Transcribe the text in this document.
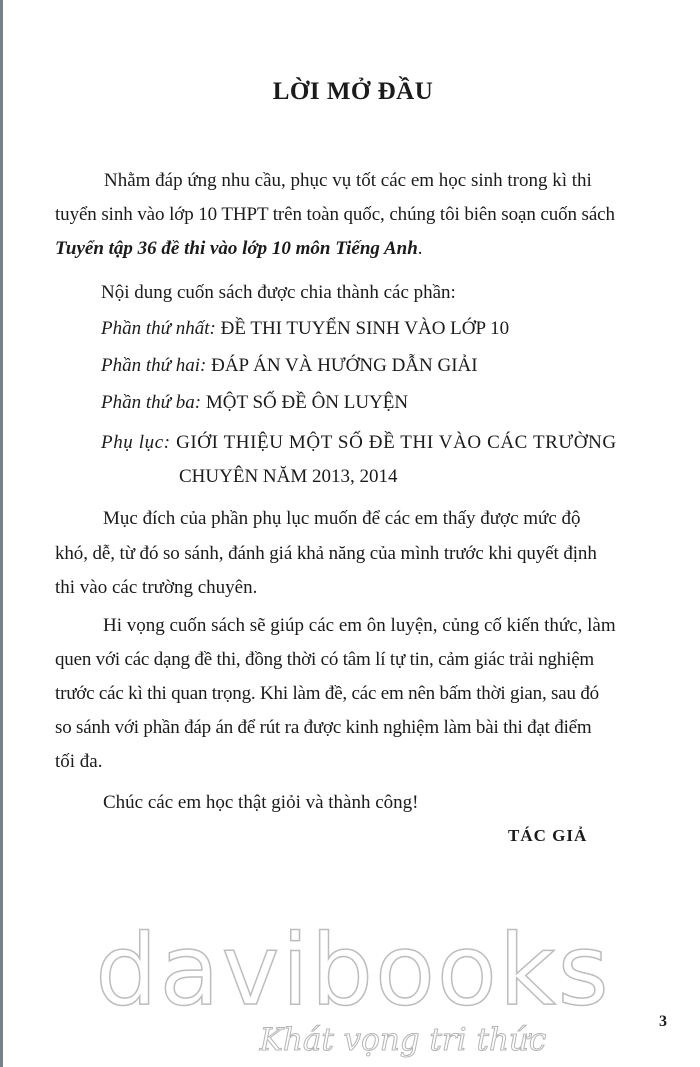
LỜI MỞ ĐẦU
Nhằm đáp ứng nhu cầu, phục vụ tốt các em học sinh trong kì thi
tuyển sinh vào lớp 10 THPT trên toàn quốc, chúng tôi biên soạn cuốn sách
Tuyển tập 36 đề thi vào lớp 10 môn Tiếng Anh.
Nội dung cuốn sách được chia thành các phần:
Phần thứ nhất: ĐỀ THI TUYỂN SINH VÀO LỚP 10
Phần thứ hai: ĐÁP ÁN VÀ HƯỚNG DẪN GIẢI
Phần thứ ba: MỘT SỐ ĐỀ ÔN LUYỆN
Phụ lục: GIỚI THIỆU MỘT SỐ ĐỀ THI VÀO CÁC TRƯỜNG
CHUYÊN NĂM 2013, 2014
Mục đích của phần phụ lục muốn để các em thấy được mức độ
khó, dễ, từ đó so sánh, đánh giá khả năng của mình trước khi quyết định
thi vào các trường chuyên.
Hi vọng cuốn sách sẽ giúp các em ôn luyện, củng cố kiến thức, làm
quen với các dạng đề thi, đồng thời có tâm lí tự tin, cảm giác trải nghiệm
trước các kì thi quan trọng. Khi làm đề, các em nên bấm thời gian, sau đó
so sánh với phần đáp án để rút ra được kinh nghiệm làm bài thi đạt điểm
tối đa.
Chúc các em học thật giỏi và thành công!
TÁC GIẢ
davibooks
Khát vọng tri thức
3
